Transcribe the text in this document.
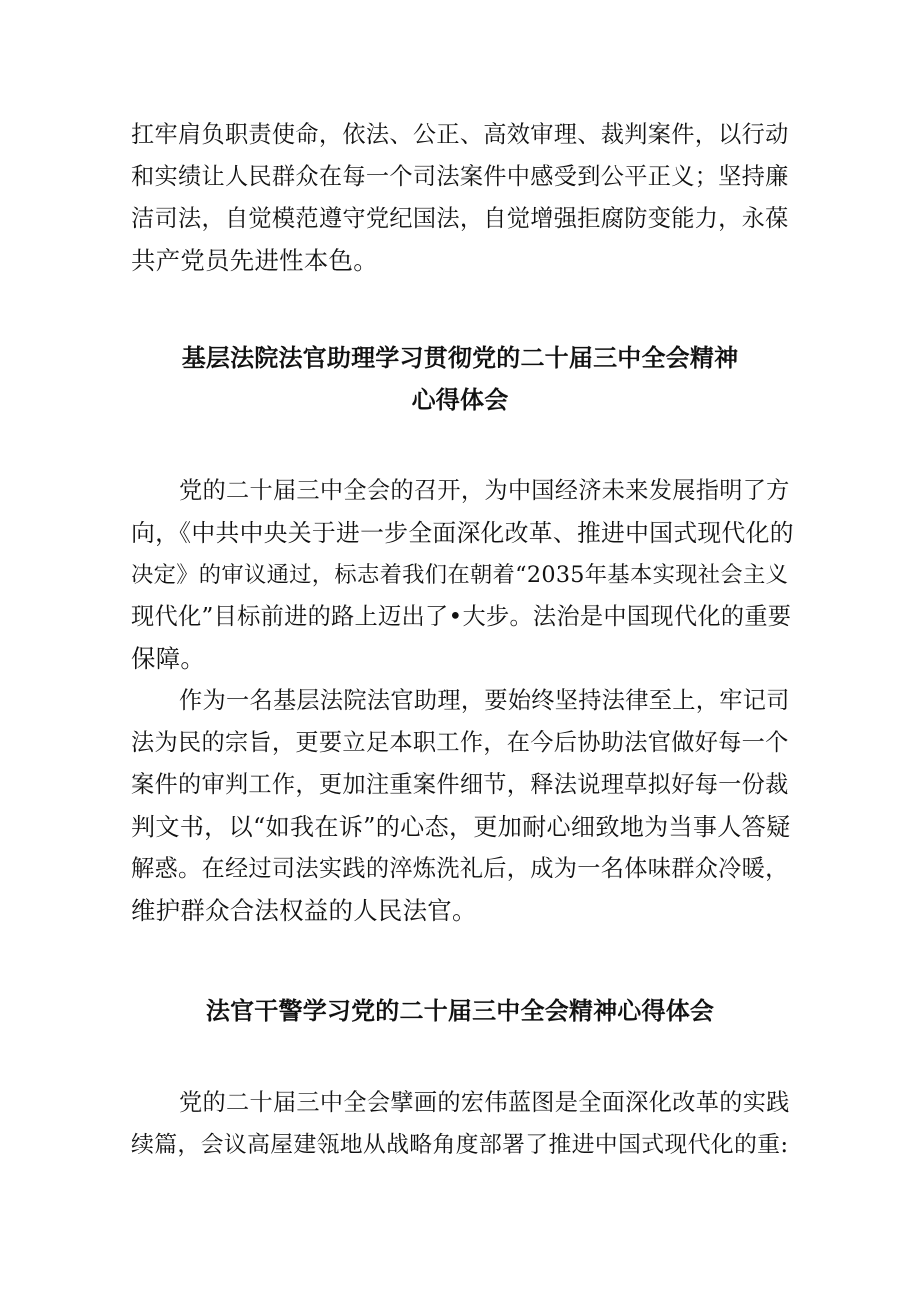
扛牢肩负职责使命，依法、公正、高效审理、裁判案件，以行动
和实绩让人民群众在每一个司法案件中感受到公平正义；坚持廉
洁司法，自觉模范遵守党纪国法，自觉增强拒腐防变能力，永葆
共产党员先进性本色。
基层法院法官助理学习贯彻党的二十届三中全会精神
心得体会
党的二十届三中全会的召开，为中国经济未来发展指明了方
向，《中共中央关于进一步全面深化改革、推进中国式现代化的
决定》的审议通过，标志着我们在朝着“2035年基本实现社会主义
现代化”目标前进的路上迈出了•大步。法治是中国现代化的重要
保障。
作为一名基层法院法官助理，要始终坚持法律至上，牢记司
法为民的宗旨，更要立足本职工作，在今后协助法官做好每一个
案件的审判工作，更加注重案件细节，释法说理草拟好每一份裁
判文书，以“如我在诉”的心态，更加耐心细致地为当事人答疑
解惑。在经过司法实践的淬炼洗礼后，成为一名体味群众冷暖，
维护群众合法权益的人民法官。
法官干警学习党的二十届三中全会精神心得体会
党的二十届三中全会擘画的宏伟蓝图是全面深化改革的实践
续篇，会议高屋建瓴地从战略角度部署了推进中国式现代化的重:
